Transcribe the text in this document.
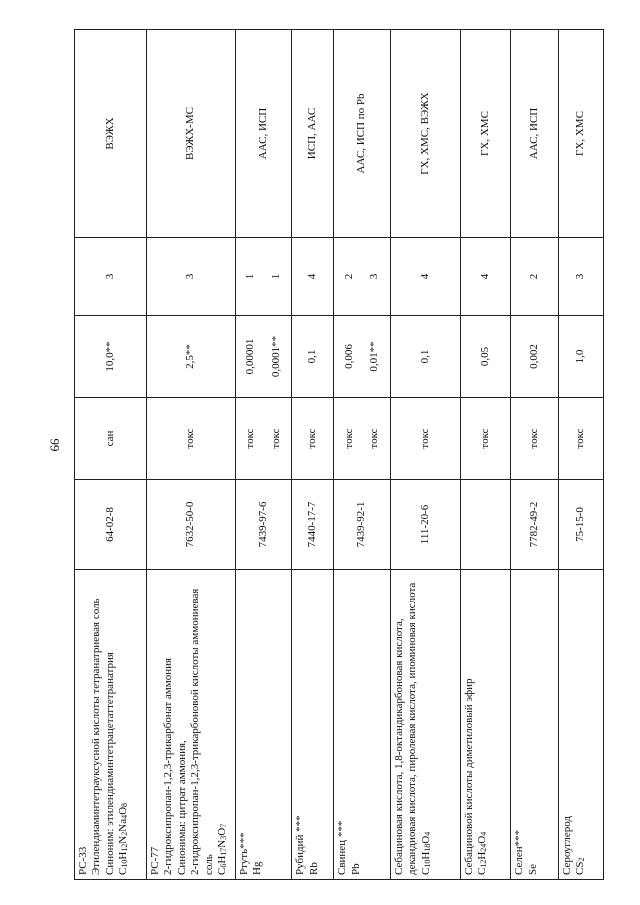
66
РС-33 Этилендиаминтетрауксусной кислоты тетранатриевая соль Синоним: этилендиаминтетрацетаттетранатрия $C_{10}H_{12}N_2Na_4O_8$	64-02-8	сан	10,0**	3	ВЭЖХ

РС-77 2-гидроксипропан-1,2,3-трикарбонат аммония Синонимы: цитрат аммония, 2-гидроксипропан-1,2,3-трикарбоновой кислоты аммониевая соль $C_6H_{17}N_3O_7$	7632-50-0	токс	2,5**	3	ВЭЖХ-МС

Ртуть*** Hg	7439-97-6	токс токс	0,00001 0,0001**	1 1	ААС, ИСП

Рубидий *** Rb	7440-17-7	токс	0,1	4	ИСП, ААС

Свинец *** Pb	7439-92-1	токс токс	0,006 0,01**	2 3	ААС, ИСП по Pb

Себациновая кислота, 1,8-октандикарбоновая кислота, декандиовая кислота, пиролевая кислота, ипоминовая кислота $C_{10}H_{18}O_4$	111-20-6	токс	0,1	4	ГХ, ХМС, ВЭЖХ

Себациновой кислоты диметиловый эфир $C_{12}H_{24}O_4$		токс	0,05	4	ГХ, ХМС

Селен*** Se	7782-49-2	токс	0,002	2	ААС, ИСП

Сероуглерод $CS_2$	75-15-0	токс	1,0	3	ГХ, ХМС
